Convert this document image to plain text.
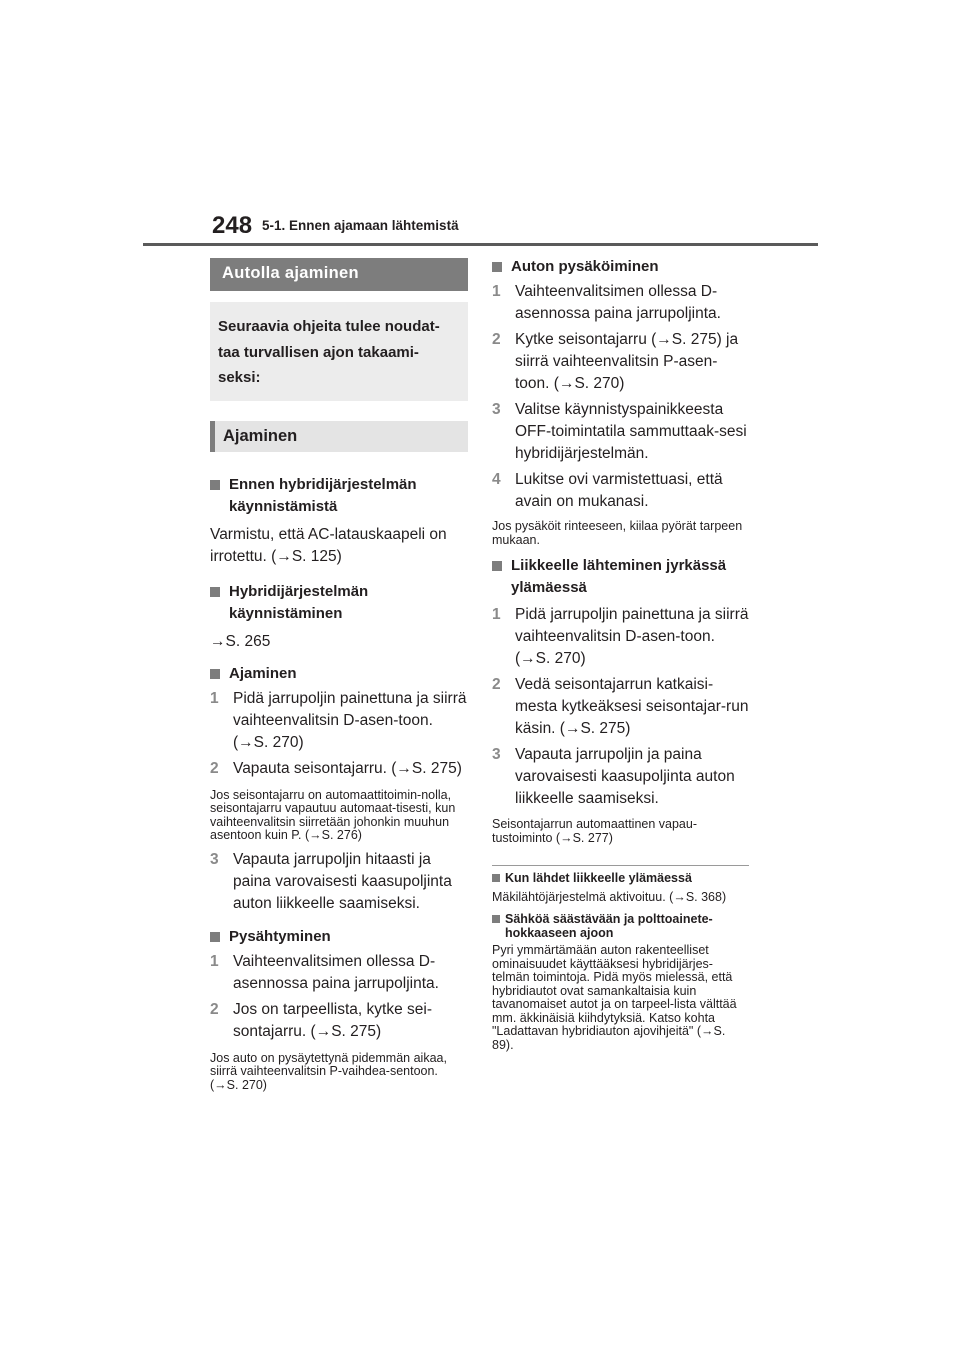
248 5-1. Ennen ajamaan lähtemistä
Autolla ajaminen
Seuraavia ohjeita tulee noudat-taa turvallisen ajon takaami-seksi:
Ajaminen
Ennen hybridijärjestelmän käynnistämistä
Varmistu, että AC-latauskaapeli on irrotettu. (→S. 125)
Hybridijärjestelmän käynnistäminen
→S. 265
Ajaminen
1 Pidä jarrupoljin painettuna ja siirrä vaihteenvalitsin D-asen-toon. (→S. 270)
2 Vapauta seisontajarru. (→S. 275)
Jos seisontajarru on automaattitoimin-nolla, seisontajarru vapautuu automaat-tisesti, kun vaihteenvalitsin siirretään johonkin muuhun asentoon kuin P. (→S. 276)
3 Vapauta jarrupoljin hitaasti ja paina varovaisesti kaasupoljinta auton liikkeelle saamiseksi.
Pysähtyminen
1 Vaihteenvalitsimen ollessa D-asennossa paina jarrupoljinta.
2 Jos on tarpeellista, kytke sei-sontajarru. (→S. 275)
Jos auto on pysäytettynä pidemmän aikaa, siirrä vaihteenvalitsin P-vaihdea-sentoon. (→S. 270)
Auton pysäköiminen
1 Vaihteenvalitsimen ollessa D-asennossa paina jarrupoljinta.
2 Kytke seisontajarru (→S. 275) ja siirrä vaihteenvalitsin P-asen-toon. (→S. 270)
3 Valitse käynnistyspainikkeesta OFF-toimintatila sammuttaak-sesi hybridijärjestelmän.
4 Lukitse ovi varmistettuasi, että avain on mukanasi.
Jos pysäköit rinteeseen, kiilaa pyörät tarpeen mukaan.
Liikkeelle lähteminen jyrkässä ylämäessä
1 Pidä jarrupoljin painettuna ja siirrä vaihteenvalitsin D-asen-toon. (→S. 270)
2 Vedä seisontajarrun katkaisi-mesta kytkeäksesi seisontajar-run käsin. (→S. 275)
3 Vapauta jarrupoljin ja paina varovaisesti kaasupoljinta auton liikkeelle saamiseksi.
Seisontajarrun automaattinen vapau-tustoiminto (→S. 277)
Kun lähdet liikkeelle ylämäessä
Mäkilähtöjärjestelmä aktivoituu. (→S. 368)
Sähköä säästävään ja polttoainete-hokkaaseen ajoon
Pyri ymmärtämään auton rakenteelliset ominaisuudet käyttääksesi hybridijärjes-telmän toimintoja. Pidä myös mielessä, että hybridiautot ovat samankaltaisia kuin tavanomaiset autot ja on tarpeel-lista välttää mm. äkkinäisiä kiihdytyksiä. Katso kohta "Ladattavan hybridiauton ajovihjeitä" (→S. 89).
